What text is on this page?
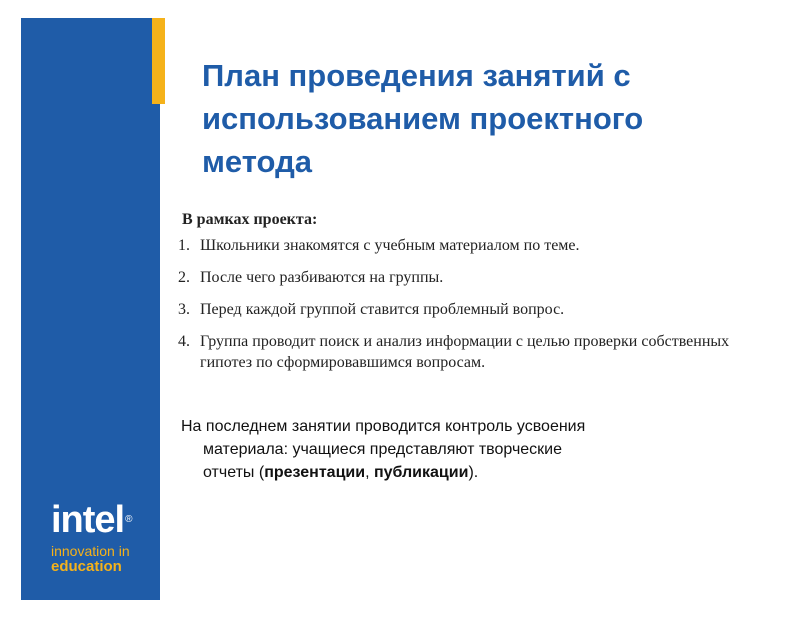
intel®
innovation in
education
План проведения занятий с использованием проектного метода
В рамках проекта:
1. Школьники знакомятся с учебным материалом по теме.
2. После чего разбиваются на группы.
3. Перед каждой группой ставится проблемный вопрос.
4. Группа проводит поиск и анализ информации с целью проверки собственных гипотез по сформировавшимся вопросам.
На последнем занятии проводится контроль усвоения
материала: учащиеся представляют творческие
отчеты (презентации, публикации).
